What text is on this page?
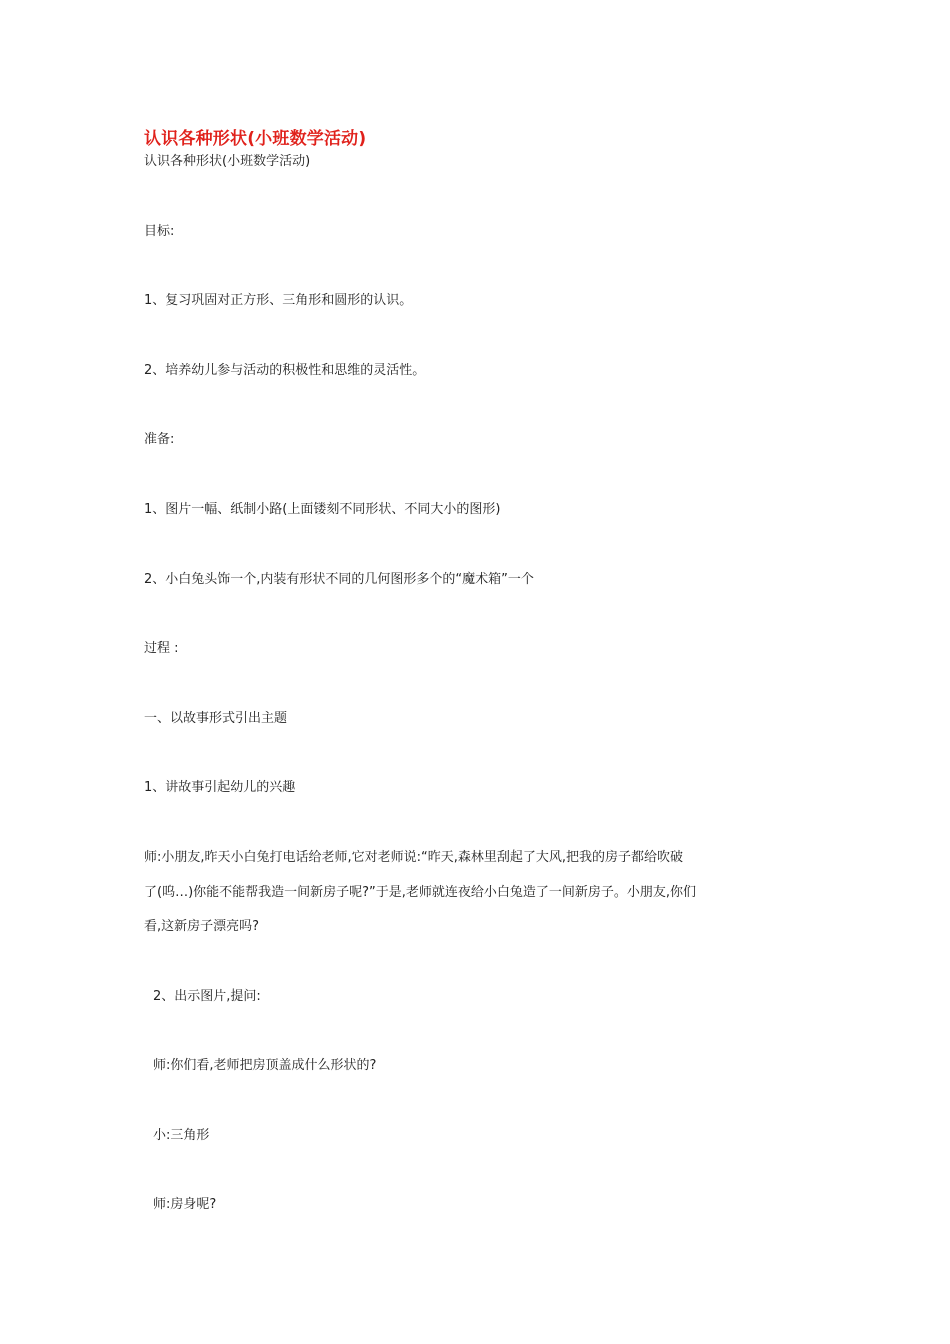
认识各种形状(小班数学活动)
认识各种形状(小班数学活动)
目标:
1、复习巩固对正方形、三角形和圆形的认识。
2、培养幼儿参与活动的积极性和思维的灵活性。
准备:
1、图片一幅、纸制小路(上面镂刻不同形状、不同大小的图形)
2、小白兔头饰一个,内装有形状不同的几何图形多个的“魔术箱”一个
过程 :
一、以故事形式引出主题
1、讲故事引起幼儿的兴趣
师:小朋友,昨天小白兔打电话给老师,它对老师说:“昨天,森林里刮起了大风,把我的房子都给吹破
了(呜…)你能不能帮我造一间新房子呢?”于是,老师就连夜给小白兔造了一间新房子。小朋友,你们
看,这新房子漂亮吗?
2、出示图片,提问:
师:你们看,老师把房顶盖成什么形状的?
小:三角形
师:房身呢?
